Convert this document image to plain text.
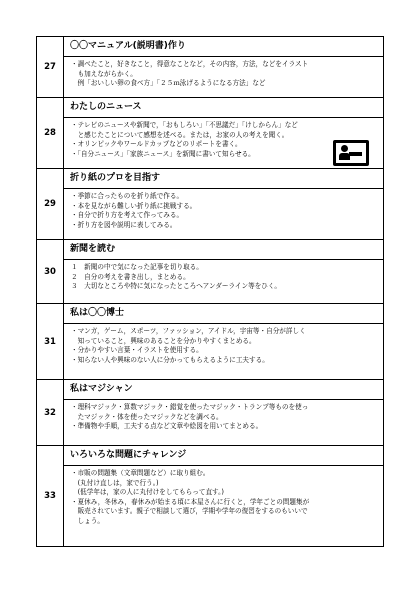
27
〇〇マニュアル(説明書)作り
・調べたこと，好きなこと，得意なことなど，その内容，方法，などをイラスト
　も加えながらかく。
　例「おいしい卵の食べ方」「２５ｍ泳げるようになる方法」など
28
わたしのニュース
・テレビのニュースや新聞で，「おもしろい」「不思議だ」「けしからん」など
　と感じたことについて感想を述べる。または，お家の人の考えを聞く。
・オリンピックやワールドカップなどのリポートを書く。
・「自分ニュース」「家族ニュース」を新聞に書いて知らせる。
29
折り紙のプロを目指す
・季節に合ったものを折り紙で作る。
・本を見ながら難しい折り紙に挑戦する。
・自分で折り方を考えて作ってみる。
・折り方を図や説明に表してみる。
30
新聞を読む
１　新聞の中で気になった記事を切り取る。
２　自分の考えを書き出し，まとめる。
３　大切なところや特に気になったところへアンダーライン等をひく。
31
私は〇〇博士
・マンガ，ゲーム，スポーツ，ファッション，アイドル，宇宙等・自分が詳しく
　知っていること，興味のあることを分かりやすくまとめる。
・分かりやすい言葉・イラストを使用する。
・知らない人や興味のない人に分かってもらえるように工夫する。
32
私はマジシャン
・理科マジック・算数マジック・錯覚を使ったマジック・トランプ等ものを使っ
　たマジック・体を使ったマジックなどを調べる。
・準備物や手順，工夫する点など文章や絵図を用いてまとめる。
33
いろいろな問題にチャレンジ
・市販の問題集（文章問題など）に取り組む。
　(丸付け直しは，家で行う。)
　(低学年は，家の人に丸付けをしてもらって直す。)
・夏休み，冬休み，春休みが始まる頃に本屋さんに行くと，学年ごとの問題集が
　販売されています。親子で相談して選び，学期や学年の復習をするのもいいで
　しょう。
